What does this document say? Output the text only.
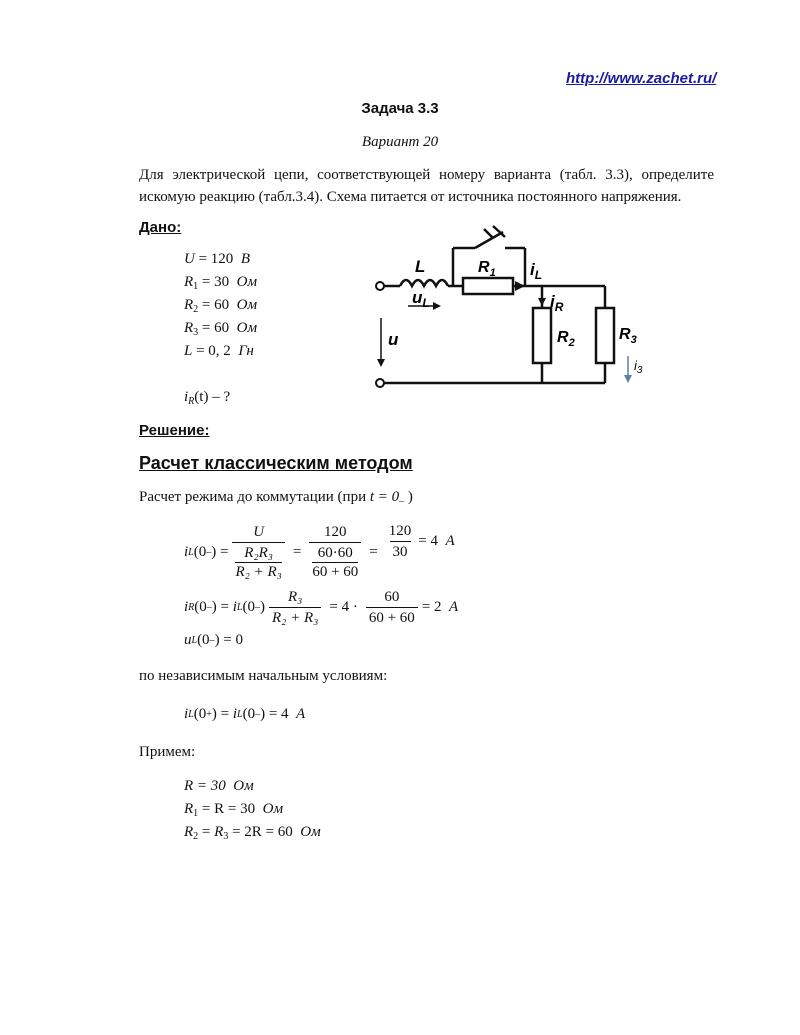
http://www.zachet.ru/
Задача 3.3
Вариант 20
Для электрической цепи, соответствующей номеру варианта (табл. 3.3), определите искомую реакцию (табл.3.4). Схема питается от источника постоянного напряжения.
Дано:
U = 120 В
$R_1 = 30$ Ом
$R_2 = 60$ Ом
$R_3 = 60$ Ом
L = 0, 2 Гн
$i_R(t)$ – ?
L
$u_L$
$R_1$ $i_L$
$i_R$
$R_2$	$R_3$
u
$i_3$
Решение:
Расчет классическим методом
Расчет режима до коммутации (при $t = 0_-$ )
i L (0 – ) = U
R₂R₃
R₂ + R₃ = 120
60·60
$60 + 60 = \frac{120}{30} = 4$
А
i R (0 – ) =
i L (0 – ) $\frac{\text{R₃}}{\text{R₂ + R₃}} = 4 \cdot \frac{60}{60 + 60} = 2$
А
u L (0 – ) = 0
по независимым начальным условиям:
i L (0 + ) =
i L (0 – ) = 4
А
Примем:
R = 30 Ом
$R_1 = R = 30$ Ом
$R_2 = R_3 = 2R = 60$ Ом
